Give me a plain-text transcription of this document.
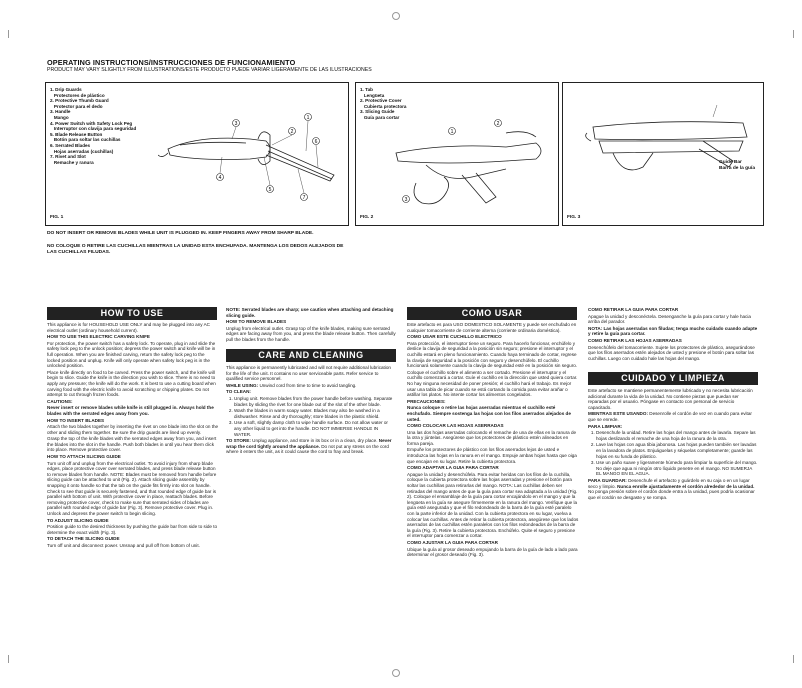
OPERATING INSTRUCTIONS/INSTRUCCIONES DE FUNCIONAMIENTO
PRODUCT MAY VARY SLIGHTLY FROM ILLUSTRATIONS/ESTE PRODUCTO PUEDE VARIAR LIGERAMENTE DE LAS ILUSTRACIONES
1. Drip Guards
Protectores de plástico
2. Protective Thumb Guard
Protector para el dedo
3. Handle
Mango
4. Power Switch with Safety Lock Peg
Interruptor con clavija para seguridad
5. Blade Release Button
Botón para soltar las cuchillas
6. Serrated Blades
Hojas aserradas (cuchillas)
7. Rivet and Slot
Remache y ranura
1
2
3
4
5
6
7
FIG. 1
1. Tab
Lengüeta
2. Protective Cover
Cubierta protectora
3. Slicing Guide
Guía para cortar
1
2
3
FIG. 2
Guide Bar
Barra de la guía
FIG. 3
DO NOT INSERT OR REMOVE BLADES WHILE UNIT IS PLUGGED IN. KEEP FINGERS AWAY FROM SHARP BLADE.
NO COLOQUE O RETIRE LAS CUCHILLAS MIENTRAS LA UNIDAD ESTA ENCHUFADA. MANTENGA LOS DEDOS ALEJADOS DE LAS CUCHILLAS FILUDAS.
HOW TO USE

This appliance is for HOUSEHOLD USE ONLY and may be plugged into any AC electrical outlet (ordinary household current).

HOW TO USE THIS ELECTRIC CARVING KNIFE

For protection, the power switch has a safety lock. To operate, plug in and slide the safety lock peg to the unlock position; depress the power switch and knife will be in full operation. When you are finished carving, return the safety lock peg to the locked position and unplug. Knife will only operate when safety lock peg is in the unlocked position.

Place knife directly on food to be carved. Press the power switch, and the knife will begin to slice. Guide the knife in the direction you wish to slice. There is no need to apply any pressure; the knife will do the work. It is best to use a cutting board when carving food with the electric knife to avoid scratching or chipping plates. Do not attempt to cut through frozen foods.

CAUTIONS:

Never insert or remove blades while knife is still plugged in. Always hold the blades with the serrated edges away from you.

HOW TO INSERT BLADES

Attach the two blades together by inserting the rivet on one blade into the slot on the other and sliding them together. Be sure the drip guards are lined up evenly.

Grasp the top of the knife blades with the serrated edges away from you, and insert the blades into the slot in the handle. Push both blades in until you hear them click into place. Remove protective cover.

HOW TO ATTACH SLICING GUIDE

Turn unit off and unplug from the electrical outlet. To avoid injury from sharp blade edges, place protective cover over serrated blades, and press blade release button to remove blades from handle. NOTE: Blades must be removed from handle before slicing guide can be attached to unit (Fig. 2). Attach slicing guide assembly by snapping it onto handle so that the tab on the guide fits firmly into slot on handle. Check to see that guide is securely fastened, and that rounded edge of guide bar is parallel with bottom of unit. With protective cover in place, reattach blades. Before removing protective cover, check to make sure that serrated sides of blades are parallel with rounded edge of guide bar (Fig. 3). Remove protective cover. Plug in. Unlock and depress the power switch to begin slicing.

TO ADJUST SLICING GUIDE

Position guide to the desired thickness by pushing the guide bar from side to side to determine the exact width (Fig. 3).

TO DETACH THE SLICING GUIDE

Turn off unit and disconnect power. Unsnap and pull off from bottom of unit.

NOTE: Serrated blades are sharp; use caution when attaching and detaching slicing guide.

HOW TO REMOVE BLADES

Unplug from electrical outlet. Grasp top of the knife blades, making sure serrated edges are facing away from you, and press the blade release button. Then carefully pull the blades from the handle.

CARE AND CLEANING

This appliance is permanently lubricated and will not require additional lubrication for the life of the unit. It contains no user serviceable parts. Refer service to qualified service personnel.

WHILE USING: Unwind cord from time to time to avoid tangling.

TO CLEAN:

1. Unplug unit. Remove blades from the power handle before washing. Separate blades by sliding the rivet for one blade out of the slot of the other blade.
2. Wash the blades in warm soapy water. Blades may also be washed in a dishwasher. Rinse and dry thoroughly; store blades in the plastic shield.
3. Use a soft, slightly damp cloth to wipe handle surface. Do not allow water or any other liquid to get into the handle. DO NOT IMMERSE HANDLE IN WATER.

TO STORE: Unplug appliance, and store in its box or in a clean, dry place. Never wrap the cord tightly around the appliance. Do not put any stress on the cord where it enters the unit, as it could cause the cord to fray and break.

COMO USAR

Este artefacto es para USO DOMESTICO SOLAMENTE y puede ser enchufado en cualquier tomacorriente de corriente alterna (corriente ordinaria doméstica).

COMO USAR ESTE CUCHILLO ELECTRICO

Para protección, el interruptor tiene un seguro. Para hacerlo funcionar, enchúfelo y deslice la clavija de seguridad a la posición sin seguro; presione el interruptor y el cuchillo estará en pleno funcionamiento. Cuando haya terminado de cortar, regrese la clavija de seguridad a la posición con seguro y desenchúfelo. El cuchillo funcionará solamente cuando la clavija de seguridad esté en la posición sin seguro.

Coloque el cuchillo sobre el alimento a ser cortado. Presione el interruptor y el cuchillo comenzará a cortar. Guíe el cuchillo en la dirección que usted quiera cortar. No hay ninguna necesidad de poner presión; el cuchillo hará el trabajo. Es mejor usar una tabla de picar cuando se está cortando la comida para evitar arañar o astillar los platos. No intente cortar los alimentos congelados.

PRECAUCIONES:

Nunca coloque o retire las hojas aserradas mientras el cuchillo esté enchufado. Siempre sostenga las hojas con los filos aserrados alejados de usted.

COMO COLOCAR LAS HOJAS ASERRADAS

Una las dos hojas aserradas colocando el remache de una de ellas en la ranura de la otra y júntelas. Asegúrese que los protectores de plástico estén alineados en forma pareja.

Empuñe los protectores de plástico con los filos aserrados lejos de usted e introduzca las hojas en la ranura en el mango. Empuje ambas hojas hasta que oiga que encajan en su lugar. Retire la cubierta protectora.

COMO ADAPTAR LA GUIA PARA CORTAR

Apague la unidad y desenchúfela. Para evitar heridas con los filos de la cuchilla, coloque la cubierta protectora sobre las hojas aserradas y presione el botón para soltar las cuchillas para retirarlas del mango. NOTA: Las cuchillas deben ser retiradas del mango antes de que la guía para cortar sea adaptada a la unidad (Fig. 2). Coloque el ensamblaje de la guía para cortar encajándolo en el mango y que la lengüeta en la guía se asegure firmemente en la ranura del mango. Verifique que la guía esté asegurada y que el filo redondeado de la barra de la guía esté paralelo con la parte inferior de la unidad. Con la cubierta protectora en su lugar, vuelva a colocar las cuchillas. Antes de retirar la cubierta protectora, asegúrese que los lados aserrados de las cuchillas estén paralelos con los filos redondeados de la barra de la guía (Fig. 3). Retire la cubierta protectora. Enchúfelo. Quite el seguro y presione el interruptor para comenzar a cortar.

COMO AJUSTAR LA GUIA PARA CORTAR

Ubique la guía al grosor deseado empujando la barra de la guía de lado a lado para determinar el grosor deseado (Fig. 3).

COMO RETIRAR LA GUIA PARA CORTAR

Apague la unidad y desconéctela. Desenganche la guía para cortar y hale hacia arriba del parador.

NOTA: Las hojas aserradas son filudas; tenga mucho cuidado cuando adapte y retire la guía para cortar.

COMO RETIRAR LAS HOJAS ASERRADAS

Desenchúfelo del tomacorriente. Sujete los protectores de plástico, asegurándose que los filos aserrados estén alejados de usted y presione el botón para soltar las cuchillas. Luego con cuidado hale las hojas del mango.

CUIDADO Y LIMPIEZA

Este artefacto se mantiene permanentemente lubricado y no necesita lubricación adicional durante la vida de la unidad. No contiene piezas que puedan ser reparadas por el usuario. Póngase en contacto con personal de servicio capacitado.

MIENTRAS ESTE USANDO: Desenrolle el cordón de vez en cuando para evitar que se enrede.

PARA LIMPIAR:

1. Desenchufe la unidad. Retire las hojas del mango antes de lavarla. Separe las hojas deslizando el remache de una hoja de la ranura de la otra.
2. Lave las hojas con agua tibia jabonosa. Las hojas pueden también ser lavadas en la lavadora de platos. Enjuáguelas y séquelas completamente; guarde las hojas en su funda de plástico.
3. Use un paño suave y ligeramente húmedo para limpiar la superficie del mango. No deje que agua ni ningún otro líquido penetre en el mango. NO SUMERJA EL MANGO EN EL AGUA.

PARA GUARDAR: Desenchufe el artefacto y guárdelo en su caja o en un lugar seco y limpio. Nunca enrolle ajustadamente el cordón alrededor de la unidad. No ponga presión sobre el cordón donde entra a la unidad, pues podría ocasionar que el cordón se desgaste y se rompa.
